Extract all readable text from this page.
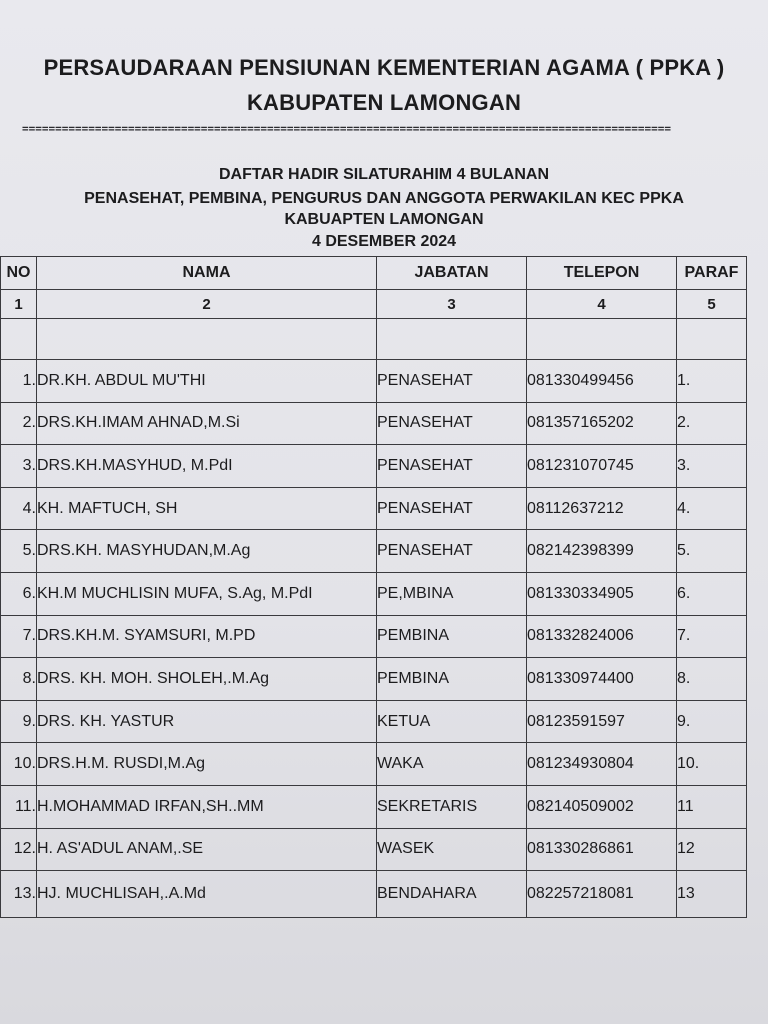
PERSAUDARAAN PENSIUNAN KEMENTERIAN AGAMA ( PPKA )
KABUPATEN LAMONGAN
==================================================================================================
DAFTAR HADIR SILATURAHIM 4 BULANAN
PENASEHAT, PEMBINA, PENGURUS DAN ANGGOTA PERWAKILAN KEC PPKA
KABUAPTEN LAMONGAN
4 DESEMBER 2024
NO	NAMA	JABATAN	TELEPON	PARAF
1	2	3	4	5

1.	DR.KH. ABDUL MU'THI	PENASEHAT	081330499456	1.
2.	DRS.KH.IMAM AHNAD,M.Si	PENASEHAT	081357165202	2.
3.	DRS.KH.MASYHUD, M.PdI	PENASEHAT	081231070745	3.
4.	KH. MAFTUCH, SH	PENASEHAT	08112637212	4.
5.	DRS.KH. MASYHUDAN,M.Ag	PENASEHAT	082142398399	5.
6.	KH.M MUCHLISIN MUFA, S.Ag, M.PdI	PE,MBINA	081330334905	6.
7.	DRS.KH.M. SYAMSURI, M.PD	PEMBINA	081332824006	7.
8.	DRS. KH. MOH. SHOLEH,.M.Ag	PEMBINA	081330974400	8.
9.	DRS. KH. YASTUR	KETUA	08123591597	9.
10.	DRS.H.M. RUSDI,M.Ag	WAKA	081234930804	10.
11.	H.MOHAMMAD IRFAN,SH..MM	SEKRETARIS	082140509002	11
12.	H. AS'ADUL ANAM,.SE	WASEK	081330286861	12
13.	HJ. MUCHLISAH,.A.Md	BENDAHARA	082257218081	13
